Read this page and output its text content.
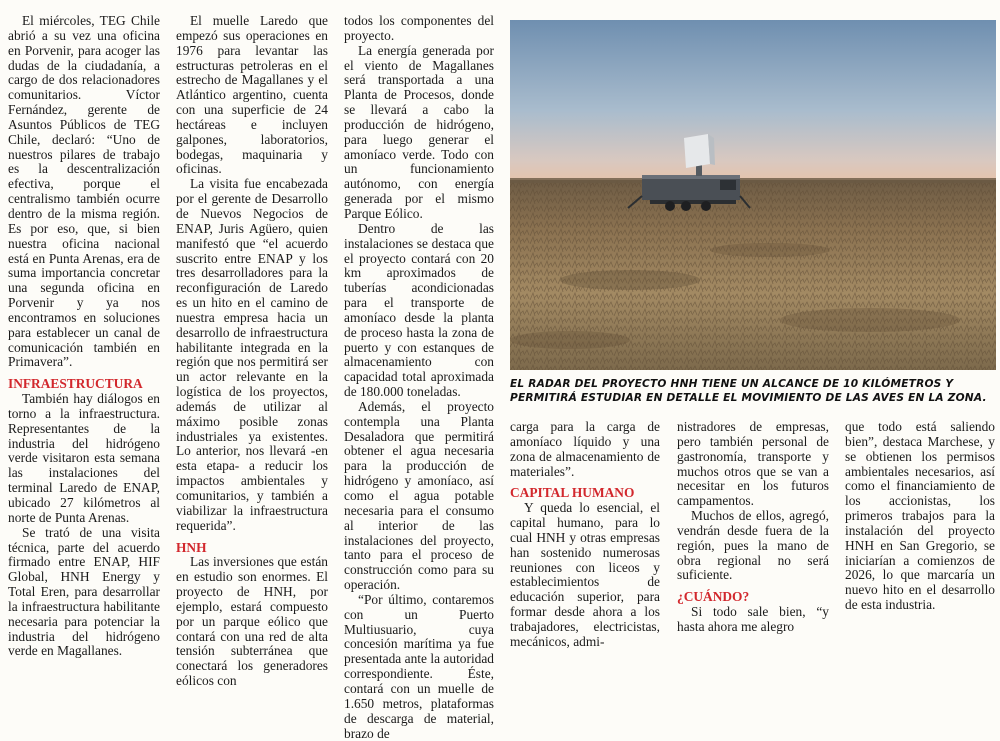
El miércoles, TEG Chile abrió a su vez una oficina en Porvenir, para acoger las dudas de la ciudadanía, a cargo de dos relacionadores comunitarios. Víctor Fernández, gerente de Asuntos Públicos de TEG Chile, declaró: “Uno de nuestros pilares de trabajo es la descentralización efectiva, porque el centralismo también ocurre dentro de la misma región. Es por eso, que, si bien nuestra oficina nacional está en Punta Arenas, era de suma importancia concretar una segunda oficina en Porvenir y ya nos encontramos en soluciones para establecer un canal de comunicación también en Primavera”.

INFRAESTRUCTURA

También hay diálogos en torno a la infraestructura. Representantes de la industria del hidrógeno verde visitaron esta semana las instalaciones del terminal Laredo de ENAP, ubicado 27 kilómetros al norte de Punta Arenas.

Se trató de una visita técnica, parte del acuerdo firmado entre ENAP, HIF Global, HNH Energy y Total Eren, para desarrollar la infraestructura habilitante necesaria para potenciar la industria del hidrógeno verde en Magallanes.

El muelle Laredo que empezó sus operaciones en 1976 para levantar las estructuras petroleras en el estrecho de Magallanes y el Atlántico argentino, cuenta con una superficie de 24 hectáreas e incluyen galpones, laboratorios, bodegas, maquinaria y oficinas.

La visita fue encabezada por el gerente de Desarrollo de Nuevos Negocios de ENAP, Juris Agüero, quien manifestó que “el acuerdo suscrito entre ENAP y los tres desarrolladores para la reconfiguración de Laredo es un hito en el camino de nuestra empresa hacia un desarrollo de infraestructura habilitante integrada en la región que nos permitirá ser un actor relevante en la logística de los proyectos, además de utilizar al máximo posible zonas industriales ya existentes. Lo anterior, nos llevará -en esta etapa- a reducir los impactos ambientales y comunitarios, y también a viabilizar la infraestructura requerida”.

HNH

Las inversiones que están en estudio son enormes. El proyecto de HNH, por ejemplo, estará compuesto por un parque eólico que contará con una red de alta tensión subterránea que conectará los generadores eólicos con

todos los componentes del proyecto.

La energía generada por el viento de Magallanes será transportada a una Planta de Procesos, donde se llevará a cabo la producción de hidrógeno, para luego generar el amoníaco verde. Todo con un funcionamiento autónomo, con energía generada por el mismo Parque Eólico.

Dentro de las instalaciones se destaca que el proyecto contará con 20 km aproximados de tuberías acondicionadas para el transporte de amoníaco desde la planta de proceso hasta la zona de puerto y con estanques de almacenamiento con capacidad total aproximada de 180.000 toneladas.

Además, el proyecto contempla una Planta Desaladora que permitirá obtener el agua necesaria para la producción de hidrógeno y amoníaco, así como el agua potable necesaria para el consumo al interior de las instalaciones del proyecto, tanto para el proceso de construcción como para su operación.

“Por último, contaremos con un Puerto Multiusuario, cuya concesión marítima ya fue presentada ante la autoridad correspondiente. Éste, contará con un muelle de 1.650 metros, plataformas de descarga de material, brazo de

EL RADAR DEL PROYECTO HNH TIENE UN ALCANCE DE 10 KILÓMETROS Y PERMITIRÁ ESTUDIAR EN DETALLE EL MOVIMIENTO DE LAS AVES EN LA ZONA.

carga para la carga de amoníaco líquido y una zona de almacenamiento de materiales”.

CAPITAL HUMANO

Y queda lo esencial, el capital humano, para lo cual HNH y otras empresas han sostenido numerosas reuniones con liceos y establecimientos de educación superior, para formar desde ahora a los trabajadores, electricistas, mecánicos, admi-

nistradores de empresas, pero también personal de gastronomía, transporte y muchos otros que se van a necesitar en los futuros campamentos.

Muchos de ellos, agregó, vendrán desde fuera de la región, pues la mano de obra regional no será suficiente.

¿CUÁNDO?

Si todo sale bien, “y hasta ahora me alegro

que todo está saliendo bien”, destaca Marchese, y se obtienen los permisos ambientales necesarios, así como el financiamiento de los accionistas, los primeros trabajos para la instalación del proyecto HNH en San Gregorio, se iniciarían a comienzos de 2026, lo que marcaría un nuevo hito en el desarrollo de esta industria.
